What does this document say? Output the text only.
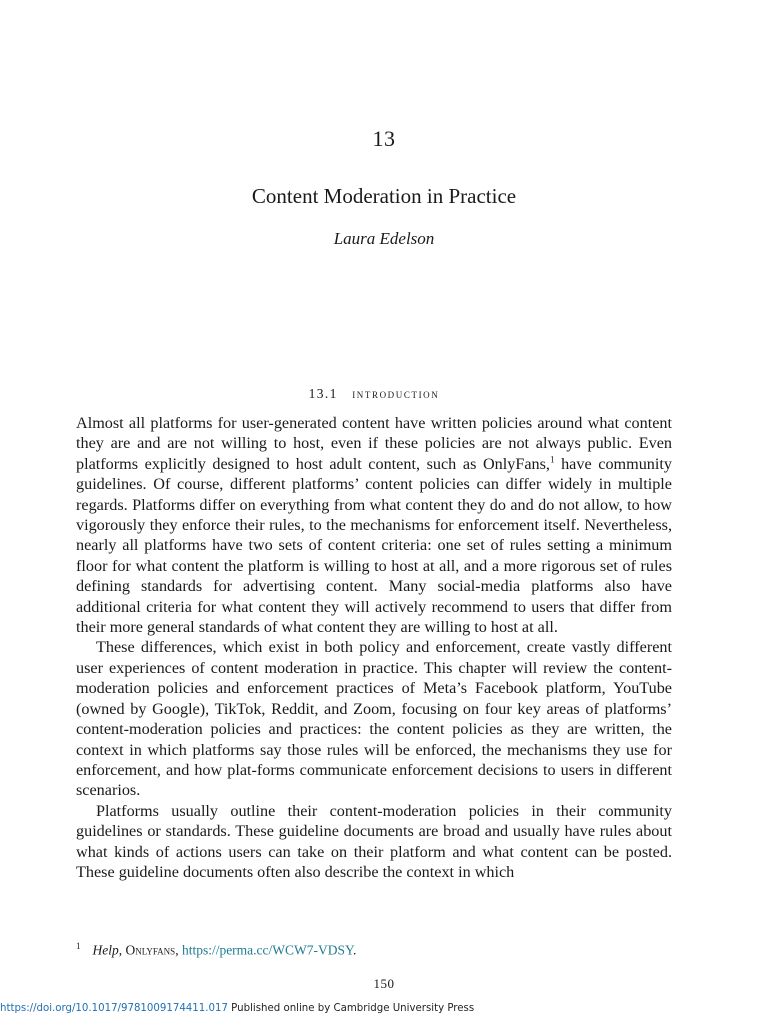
13
Content Moderation in Practice
Laura Edelson
13.1 introduction

Almost all platforms for user-generated content have written policies around what content they are and are not willing to host, even if these policies are not always public. Even platforms explicitly designed to host adult content, such as OnlyFans,$^1$ have community guidelines. Of course, different platforms’ content policies can differ widely in multiple regards. Platforms differ on everything from what content they do and do not allow, to how vigorously they enforce their rules, to the mechanisms for enforcement itself. Nevertheless, nearly all platforms have two sets of content criteria: one set of rules setting a minimum floor for what content the platform is willing to host at all, and a more rigorous set of rules defining standards for advertising content. Many social-media platforms also have additional criteria for what content they will actively recommend to users that differ from their more general standards of what content they are willing to host at all.

These differences, which exist in both policy and enforcement, create vastly different user experiences of content moderation in practice. This chapter will review the content-moderation policies and enforcement practices of Meta’s Facebook platform, YouTube (owned by Google), TikTok, Reddit, and Zoom, focusing on four key areas of platforms’ content-moderation policies and practices: the content policies as they are written, the context in which platforms say those rules will be enforced, the mechanisms they use for enforcement, and how plat-forms communicate enforcement decisions to users in different scenarios.

Platforms usually outline their content-moderation policies in their community guidelines or standards. These guideline documents are broad and usually have rules about what kinds of actions users can take on their platform and what content can be posted. These guideline documents often also describe the context in which

$^1$ Help, Onlyfans, https://perma.cc/WCW7-VDSY.
150
https://doi.org/10.1017/9781009174411.017 Published online by Cambridge University Press
